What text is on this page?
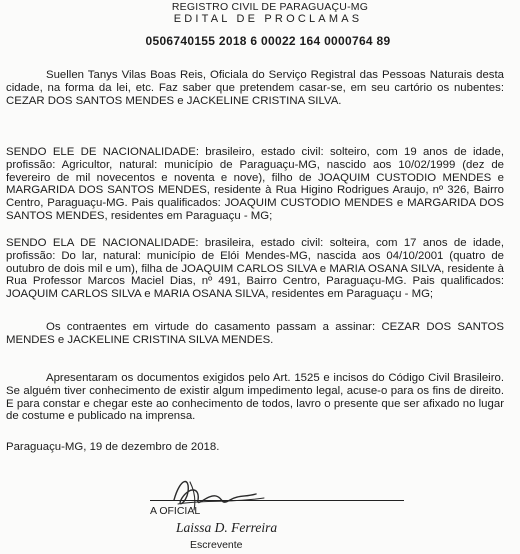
REGISTRO CIVIL DE PARAGUAÇU-MG

EDITAL DE PROCLAMAS

0506740155 2018 6 00022 164 0000764 89

Suellen Tanys Vilas Boas Reis, Oficiala do Serviço Registral das Pessoas Naturais desta cidade, na forma da lei, etc. Faz saber que pretendem casar-se, em seu cartório os nubentes: CEZAR DOS SANTOS MENDES e JACKELINE CRISTINA SILVA.

SENDO ELE DE NACIONALIDADE: brasileiro, estado civil: solteiro, com 19 anos de idade, profissão: Agricultor, natural: município de Paraguaçu-MG, nascido aos 10/02/1999 (dez de fevereiro de mil novecentos e noventa e nove), filho de JOAQUIM CUSTODIO MENDES e MARGARIDA DOS SANTOS MENDES, residente à Rua Higino Rodrigues Araujo, nº 326, Bairro Centro, Paraguaçu-MG. Pais qualificados: JOAQUIM CUSTODIO MENDES e MARGARIDA DOS SANTOS MENDES, residentes em Paraguaçu - MG;

SENDO ELA DE NACIONALIDADE: brasileira, estado civil: solteira, com 17 anos de idade, profissão: Do lar, natural: município de Elói Mendes-MG, nascida aos 04/10/2001 (quatro de outubro de dois mil e um), filha de JOAQUIM CARLOS SILVA e MARIA OSANA SILVA, residente à Rua Professor Marcos Maciel Dias, nº 491, Bairro Centro, Paraguaçu-MG. Pais qualificados: JOAQUIM CARLOS SILVA e MARIA OSANA SILVA, residentes em Paraguaçu - MG;

Os contraentes em virtude do casamento passam a assinar: CEZAR DOS SANTOS MENDES e JACKELINE CRISTINA SILVA MENDES.

Apresentaram os documentos exigidos pelo Art. 1525 e incisos do Código Civil Brasileiro. Se alguém tiver conhecimento de existir algum impedimento legal, acuse-o para os fins de direito. E para constar e chegar este ao conhecimento de todos, lavro o presente que ser afixado no lugar de costume e publicado na imprensa.

Paraguaçu-MG, 19 de dezembro de 2018.

A OFICIAL

Laissa D. Ferreira

Escrevente
